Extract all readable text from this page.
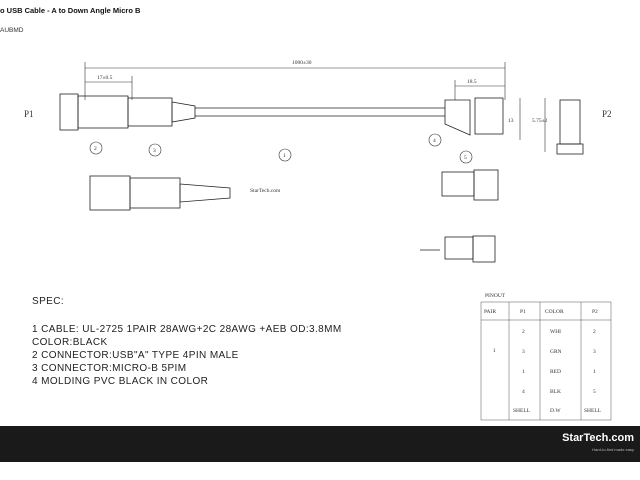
o USB Cable - A to Down Angle Micro B
AUBMD
1000±30
17±0.5
18.5
13	5.75±2
StarTech.com
P1	P2
2	3
1
4
5
PINOUT
PAIR	P1	COLOR	P2
1
2	WHI	2
3	GRN	3
1	RED	1
4	BLK	5
SHELL	D.W	SHELL
SPEC:
1 CABLE: UL-2725 1PAIR 28AWG+2C 28AWG +AEB OD:3.8MM
COLOR:BLACK
2 CONNECTOR:USB"A" TYPE 4PIN MALE
3 CONNECTOR:MICRO-B 5PIM
4 MOLDING PVC BLACK IN COLOR
StarTech.com
Hard-to-find made easy
